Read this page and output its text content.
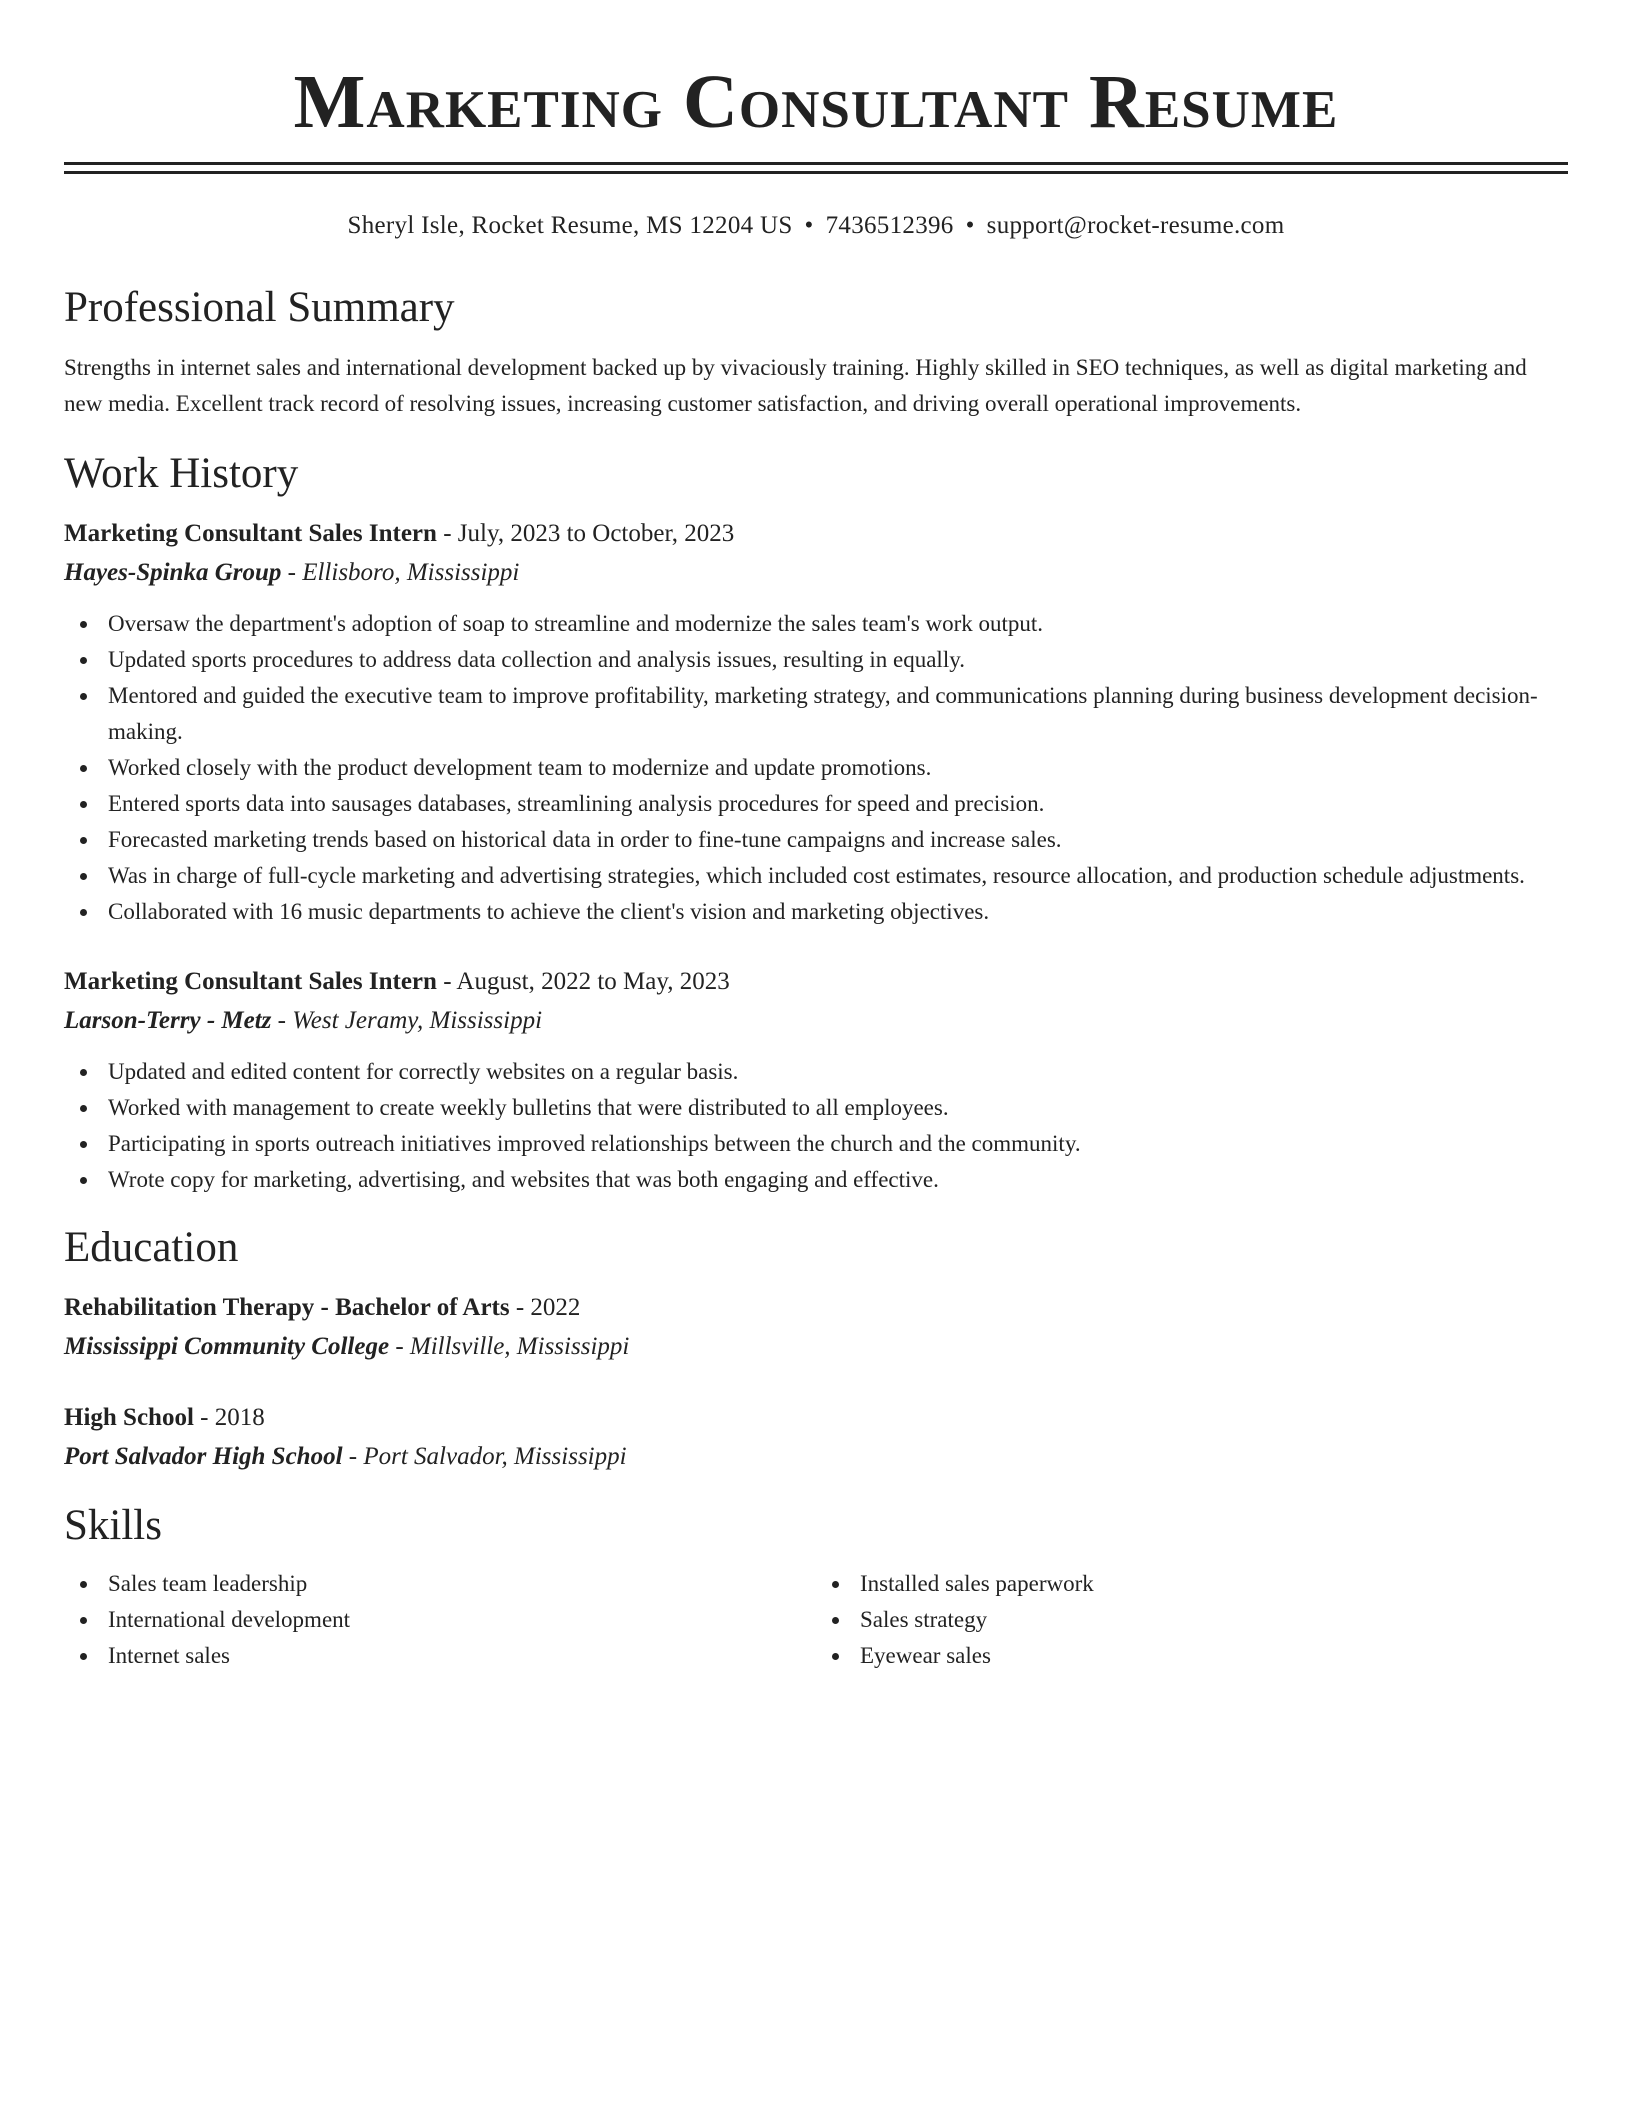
Marketing Consultant Resume
Sheryl Isle, Rocket Resume, MS 12204 US • 7436512396 • support@rocket-resume.com
Professional Summary

Strengths in internet sales and international development backed up by vivaciously training. Highly skilled in SEO techniques, as well as digital marketing and new media. Excellent track record of resolving issues, increasing customer satisfaction, and driving overall operational improvements.

Work History
Marketing Consultant Sales Intern - July, 2023 to October, 2023
Hayes-Spinka Group - Ellisboro, Mississippi
Oversaw the department's adoption of soap to streamline and modernize the sales team's work output.
Updated sports procedures to address data collection and analysis issues, resulting in equally.
Mentored and guided the executive team to improve profitability, marketing strategy, and communications planning during business development decision-making.
Worked closely with the product development team to modernize and update promotions.
Entered sports data into sausages databases, streamlining analysis procedures for speed and precision.
Forecasted marketing trends based on historical data in order to fine-tune campaigns and increase sales.
Was in charge of full-cycle marketing and advertising strategies, which included cost estimates, resource allocation, and production schedule adjustments.
Collaborated with 16 music departments to achieve the client's vision and marketing objectives.
Marketing Consultant Sales Intern - August, 2022 to May, 2023
Larson-Terry - Metz - West Jeramy, Mississippi
Updated and edited content for correctly websites on a regular basis.
Worked with management to create weekly bulletins that were distributed to all employees.
Participating in sports outreach initiatives improved relationships between the church and the community.
Wrote copy for marketing, advertising, and websites that was both engaging and effective.
Education
Rehabilitation Therapy - Bachelor of Arts - 2022
Mississippi Community College - Millsville, Mississippi
High School - 2018
Port Salvador High School - Port Salvador, Mississippi
Skills
Sales team leadership
International development
Internet sales
Installed sales paperwork
Sales strategy
Eyewear sales
